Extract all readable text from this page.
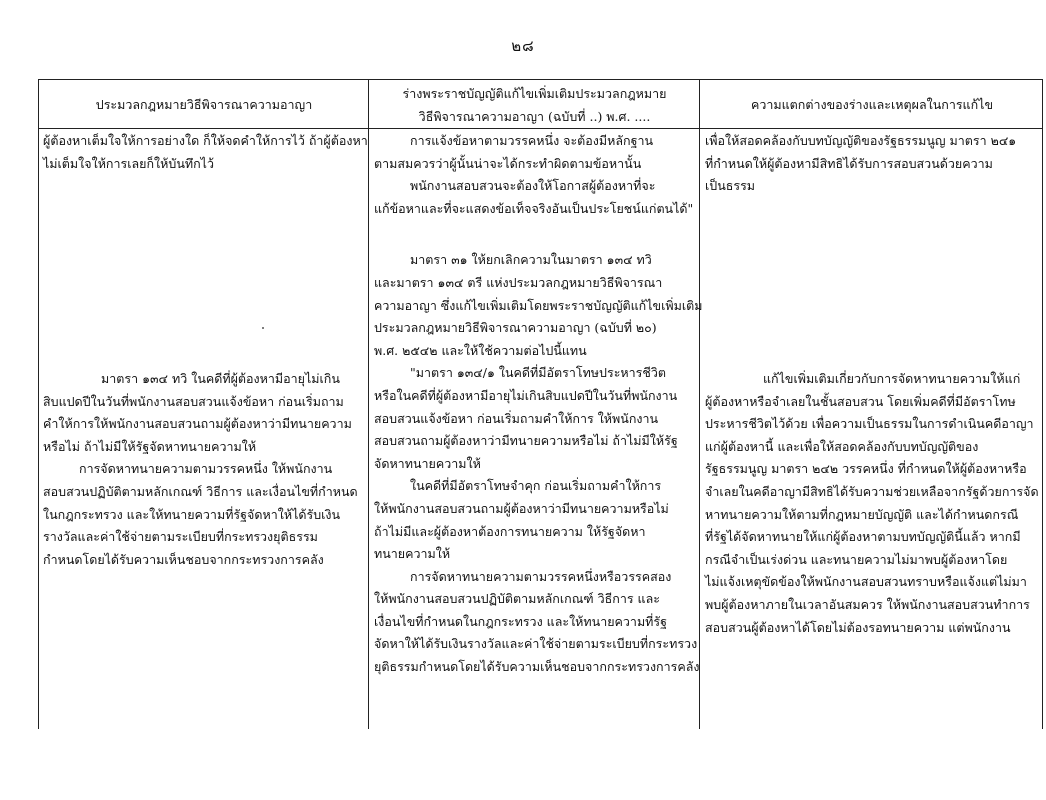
๒๘
ประมวลกฎหมายวิธีพิจารณาความอาญา
ร่างพระราชบัญญัติแก้ไขเพิ่มเติมประมวลกฎหมาย
วิธีพิจารณาความอาญา (ฉบับที่ ..) พ.ศ. ....
ความแตกต่างของร่างและเหตุผลในการแก้ไข
ผู้ต้องหาเต็มใจให้การอย่างใด ก็ให้จดคำให้การไว้ ถ้าผู้ต้องหา
ไม่เต็มใจให้การเลยก็ให้บันทึกไว้
มาตรา ๑๓๔ ทวิ ในคดีที่ผู้ต้องหามีอายุไม่เกิน
สิบแปดปีในวันที่พนักงานสอบสวนแจ้งข้อหา ก่อนเริ่มถาม
คำให้การให้พนักงานสอบสวนถามผู้ต้องหาว่ามีทนายความ
หรือไม่ ถ้าไม่มีให้รัฐจัดหาทนายความให้
การจัดหาทนายความตามวรรคหนึ่ง ให้พนักงาน
สอบสวนปฏิบัติตามหลักเกณฑ์ วิธีการ และเงื่อนไขที่กำหนด
ในกฎกระทรวง และให้ทนายความที่รัฐจัดหาให้ได้รับเงิน
รางวัลและค่าใช้จ่ายตามระเบียบที่กระทรวงยุติธรรม
กำหนดโดยได้รับความเห็นชอบจากกระทรวงการคลัง
การแจ้งข้อหาตามวรรคหนึ่ง จะต้องมีหลักฐาน
ตามสมควรว่าผู้นั้นน่าจะได้กระทำผิดตามข้อหานั้น
พนักงานสอบสวนจะต้องให้โอกาสผู้ต้องหาที่จะ
แก้ข้อหาและที่จะแสดงข้อเท็จจริงอันเป็นประโยชน์แก่ตนได้"
มาตรา ๓๑ ให้ยกเลิกความในมาตรา ๑๓๔ ทวิ
และมาตรา ๑๓๔ ตรี แห่งประมวลกฎหมายวิธีพิจารณา
ความอาญา ซึ่งแก้ไขเพิ่มเติมโดยพระราชบัญญัติแก้ไขเพิ่มเติม
ประมวลกฎหมายวิธีพิจารณาความอาญา (ฉบับที่ ๒๐)
พ.ศ. ๒๕๔๒ และให้ใช้ความต่อไปนี้แทน
"มาตรา ๑๓๔/๑ ในคดีที่มีอัตราโทษประหารชีวิต
หรือในคดีที่ผู้ต้องหามีอายุไม่เกินสิบแปดปีในวันที่พนักงาน
สอบสวนแจ้งข้อหา ก่อนเริ่มถามคำให้การ ให้พนักงาน
สอบสวนถามผู้ต้องหาว่ามีทนายความหรือไม่ ถ้าไม่มีให้รัฐ
จัดหาทนายความให้
ในคดีที่มีอัตราโทษจำคุก ก่อนเริ่มถามคำให้การ
ให้พนักงานสอบสวนถามผู้ต้องหาว่ามีทนายความหรือไม่
ถ้าไม่มีและผู้ต้องหาต้องการทนายความ ให้รัฐจัดหา
ทนายความให้
การจัดหาทนายความตามวรรคหนึ่งหรือวรรคสอง
ให้พนักงานสอบสวนปฏิบัติตามหลักเกณฑ์ วิธีการ และ
เงื่อนไขที่กำหนดในกฎกระทรวง และให้ทนายความที่รัฐ
จัดหาให้ได้รับเงินรางวัลและค่าใช้จ่ายตามระเบียบที่กระทรวง
ยุติธรรมกำหนดโดยได้รับความเห็นชอบจากกระทรวงการคลัง
เพื่อให้สอดคล้องกับบทบัญญัติของรัฐธรรมนูญ มาตรา ๒๔๑
ที่กำหนดให้ผู้ต้องหามีสิทธิได้รับการสอบสวนด้วยความ
เป็นธรรม
แก้ไขเพิ่มเติมเกี่ยวกับการจัดหาทนายความให้แก่
ผู้ต้องหาหรือจำเลยในชั้นสอบสวน โดยเพิ่มคดีที่มีอัตราโทษ
ประหารชีวิตไว้ด้วย เพื่อความเป็นธรรมในการดำเนินคดีอาญา
แก่ผู้ต้องหานี้ และเพื่อให้สอดคล้องกับบทบัญญัติของ
รัฐธรรมนูญ มาตรา ๒๔๒ วรรคหนึ่ง ที่กำหนดให้ผู้ต้องหาหรือ
จำเลยในคดีอาญามีสิทธิได้รับความช่วยเหลือจากรัฐด้วยการจัด
หาทนายความให้ตามที่กฎหมายบัญญัติ และได้กำหนดกรณี
ที่รัฐได้จัดหาทนายให้แก่ผู้ต้องหาตามบทบัญญัตินี้แล้ว หากมี
กรณีจำเป็นเร่งด่วน และทนายความไม่มาพบผู้ต้องหาโดย
ไม่แจ้งเหตุขัดข้องให้พนักงานสอบสวนทราบหรือแจ้งแต่ไม่มา
พบผู้ต้องหาภายในเวลาอันสมควร ให้พนักงานสอบสวนทำการ
สอบสวนผู้ต้องหาได้โดยไม่ต้องรอทนายความ แต่พนักงาน
